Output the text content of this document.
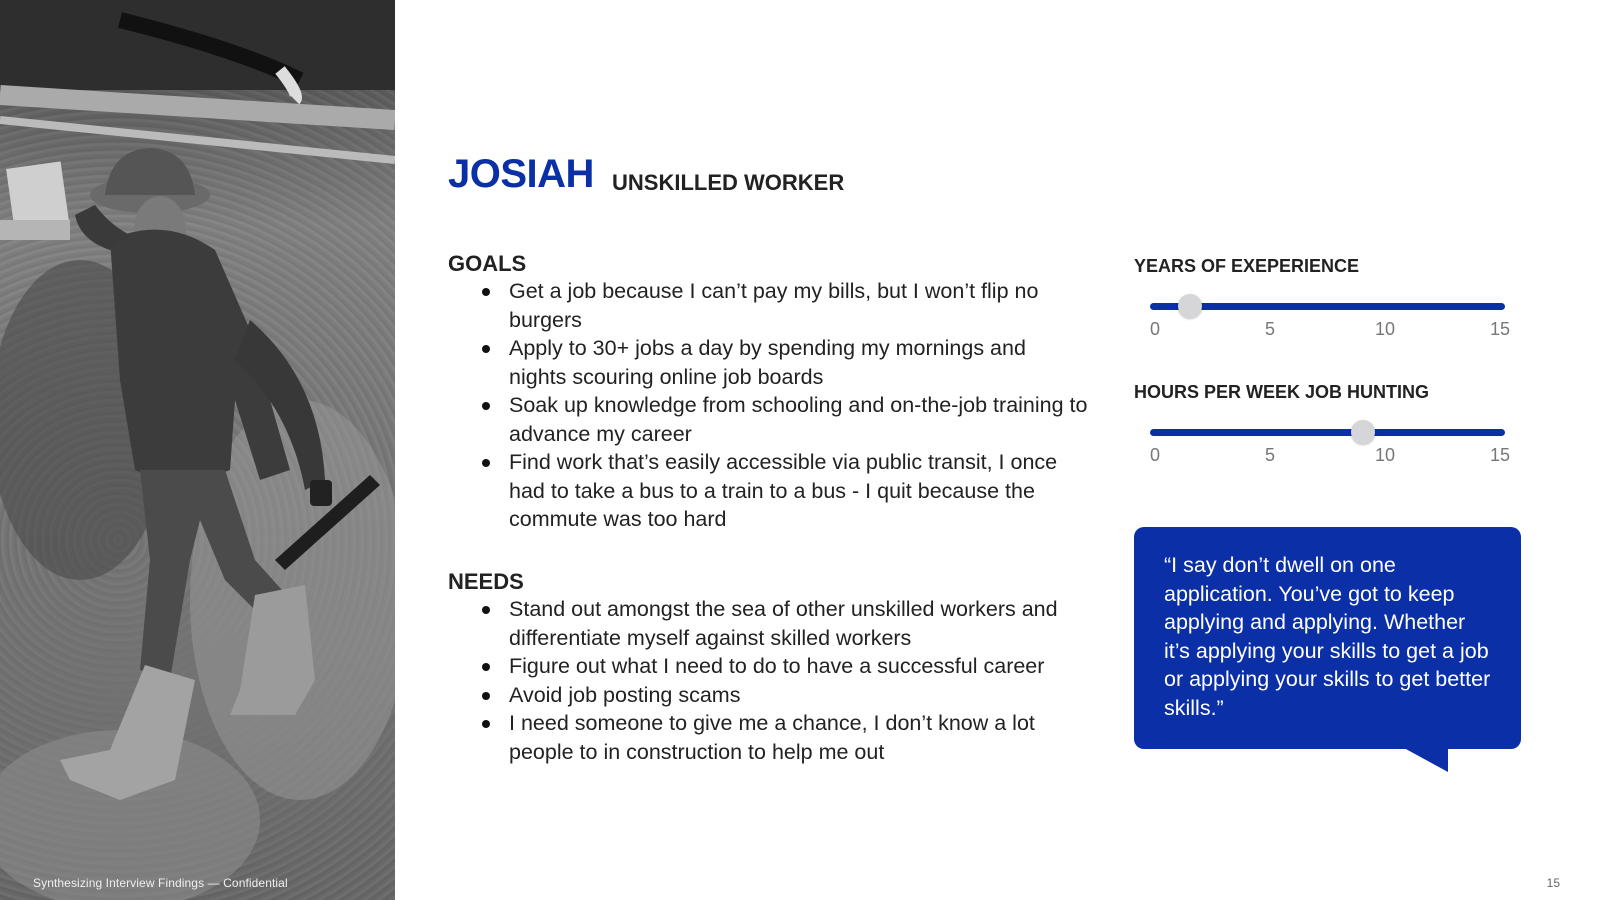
Synthesizing Interview Findings — Confidential
JOSIAH UNSKILLED WORKER
GOALS
Get a job because I can’t pay my bills, but I won’t flip no burgers
Apply to 30+ jobs a day by spending my mornings and nights scouring online job boards
Soak up knowledge from schooling and on-the-job training to advance my career
Find work that’s easily accessible via public transit, I once had to take a bus to a train to a bus - I quit because the commute was too hard
NEEDS
Stand out amongst the sea of other unskilled workers and differentiate myself against skilled workers
Figure out what I need to do to have a successful career
Avoid job posting scams
I need someone to give me a chance, I don’t know a lot people to in construction to help me out
YEARS OF EXEPERIENCE
0	5	10	15
HOURS PER WEEK JOB HUNTING
0	5	10	15
“I say don’t dwell on one application. You’ve got to keep applying and applying. Whether it’s applying your skills to get a job or applying your skills to get better skills.”
15
